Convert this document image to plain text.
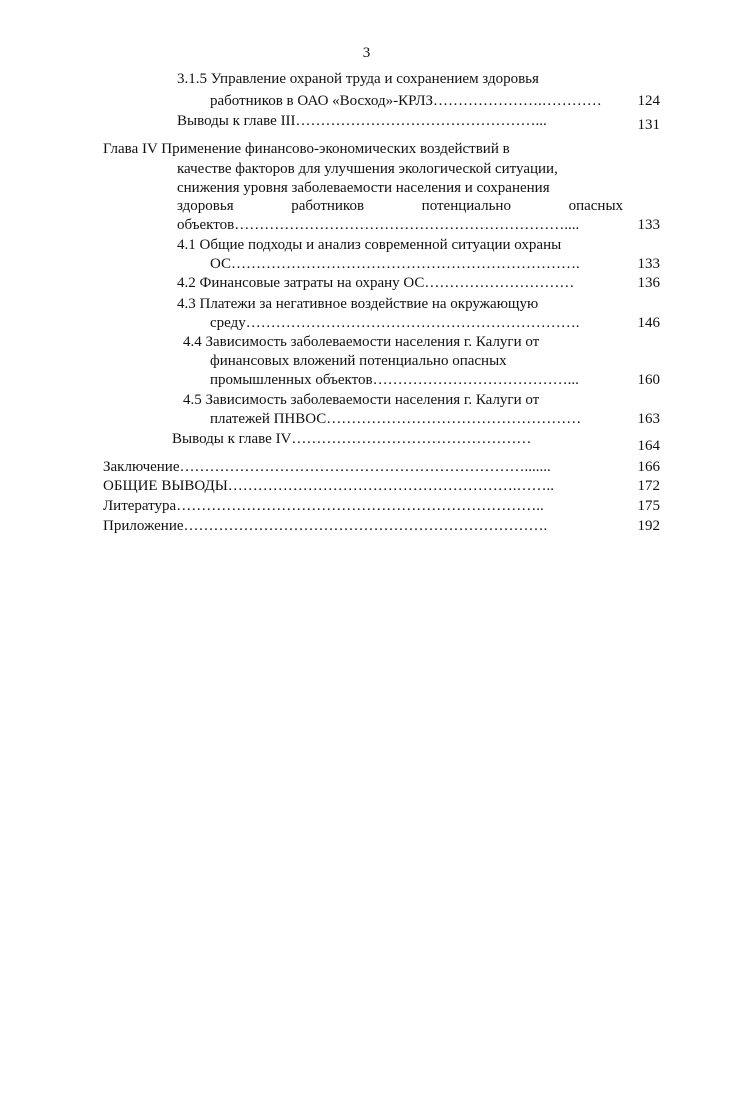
3
3.1.5 Управление охраной труда и сохранением здоровья
работников в ОАО «Восход»-КРЛЗ………………….…………	124
Выводы к главе III…………………………………………...	131
Глава IV Применение финансово-экономических воздействий в
качестве факторов для улучшения экологической ситуации,
снижения уровня заболеваемости населения и сохранения
здоровья	работников	потенциально	опасных
объектов…………………………………………………………....	133
4.1 Общие подходы и анализ современной ситуации охраны
ОС…………………………………………………………….	133
4.2 Финансовые затраты на охрану ОС…………………………	136
4.3 Платежи за негативное воздействие на окружающую
среду………………………………………………………….	146
4.4 Зависимость заболеваемости населения г. Калуги от
финансовых вложений потенциально опасных
промышленных объектов…………………………………...	160
4.5 Зависимость заболеваемости населения г. Калуги от
платежей ПНВОС……………………………………………	163
Выводы к главе IV…………………………………………	164
Заключение…………………………………………………………….......	166
ОБЩИЕ ВЫВОДЫ………………………………………………….……..	172
Литература………………………………………………………………..	175
Приложение……………………………………………………………….	192
